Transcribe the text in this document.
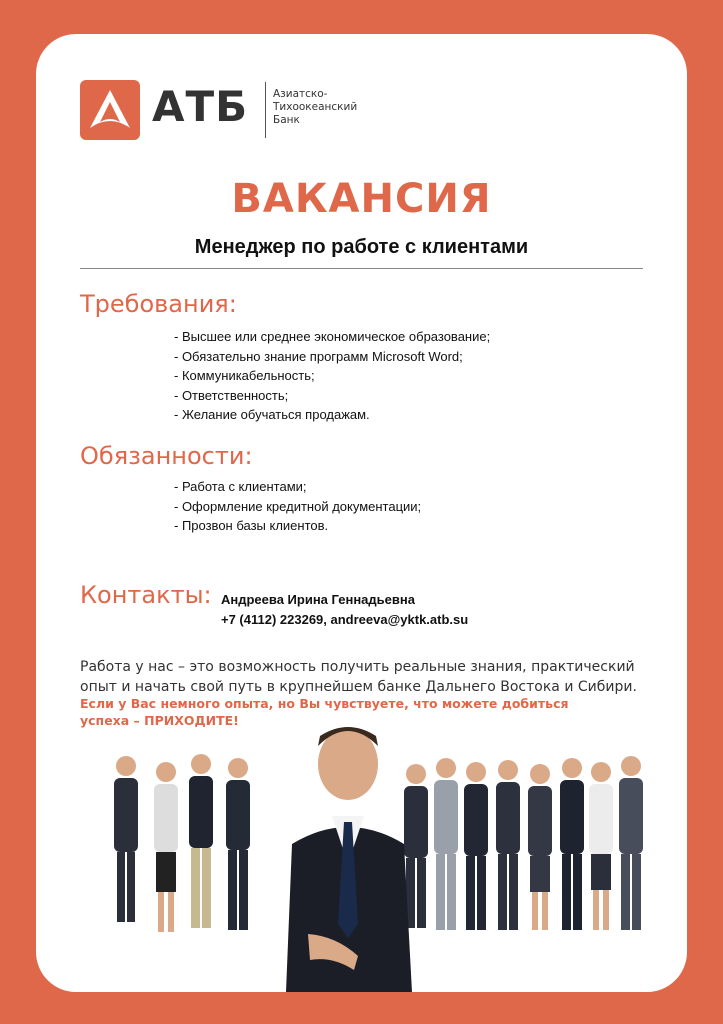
АТБ Азиатско-
Тихоокеанский
Банк
ВАКАНСИЯ
Менеджер по работе с клиентами
Требования:
- Высшее или среднее экономическое образование;
- Обязательно знание программ Microsoft Word;
- Коммуникабельность;
- Ответственность;
- Желание обучаться продажам.
Обязанности:
- Работа с клиентами;
- Оформление кредитной документации;
- Прозвон базы клиентов.
Контакты: Андреева Ирина Геннадьевна
+7 (4112) 223269, andreeva@yktk.atb.su
Работа у нас – это возможность получить реальные знания, практический
опыт и начать свой путь в крупнейшем банке Дальнего Востока и Сибири.
Если у Вас немного опыта, но Вы чувствуете, что можете добиться
успеха – ПРИХОДИТЕ!
